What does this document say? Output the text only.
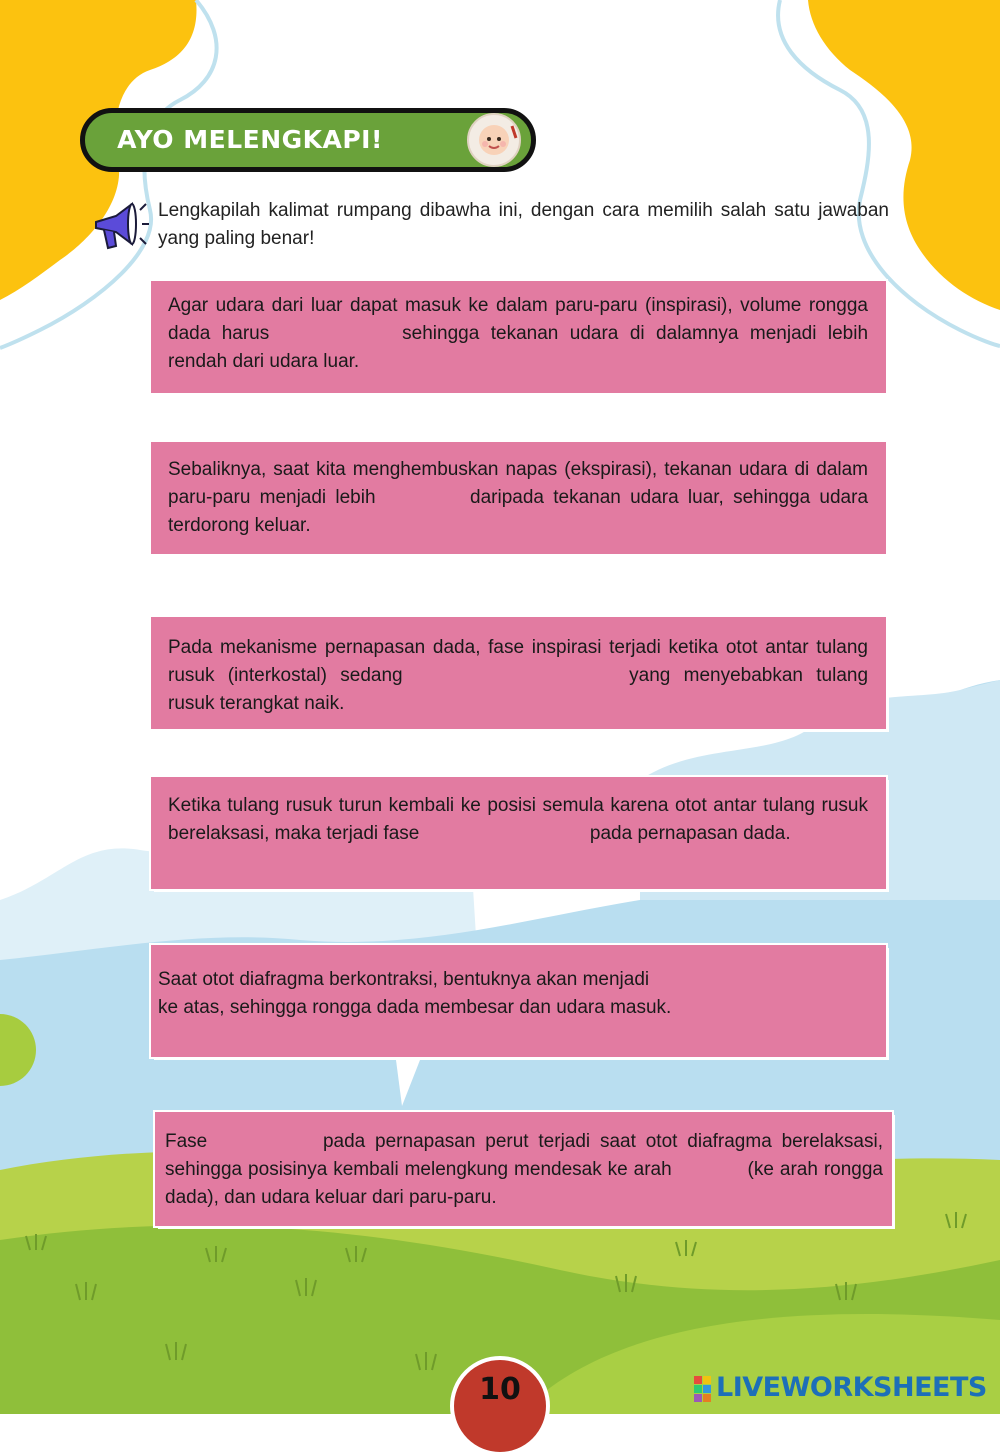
AYO MELENGKAPI!
Lengkapilah kalimat rumpang dibawha ini, dengan cara memilih salah satu jawaban yang paling benar!
Agar udara dari luar dapat masuk ke dalam paru-paru (inspirasi), volume rongga dada harus	sehingga tekanan udara di dalamnya menjadi lebih rendah dari udara luar.
Sebaliknya, saat kita menghembuskan napas (ekspirasi), tekanan udara di dalam paru-paru menjadi lebih	daripada tekanan udara luar, sehingga udara terdorong keluar.
Pada mekanisme pernapasan dada, fase inspirasi terjadi ketika otot antar tulang rusuk (interkostal) sedang	yang menyebabkan tulang rusuk terangkat naik.
Ketika tulang rusuk turun kembali ke posisi semula karena otot antar tulang rusuk berelaksasi, maka terjadi fase	pada pernapasan dada.
Saat otot diafragma berkontraksi, bentuknya akan menjadi
ke atas, sehingga rongga dada membesar dan udara masuk.
Fase	pada pernapasan perut terjadi saat otot diafragma berelaksasi, sehingga posisinya kembali melengkung mendesak ke arah	(ke arah rongga dada), dan udara keluar dari paru-paru.
10	LIVEWORKSHEETS
